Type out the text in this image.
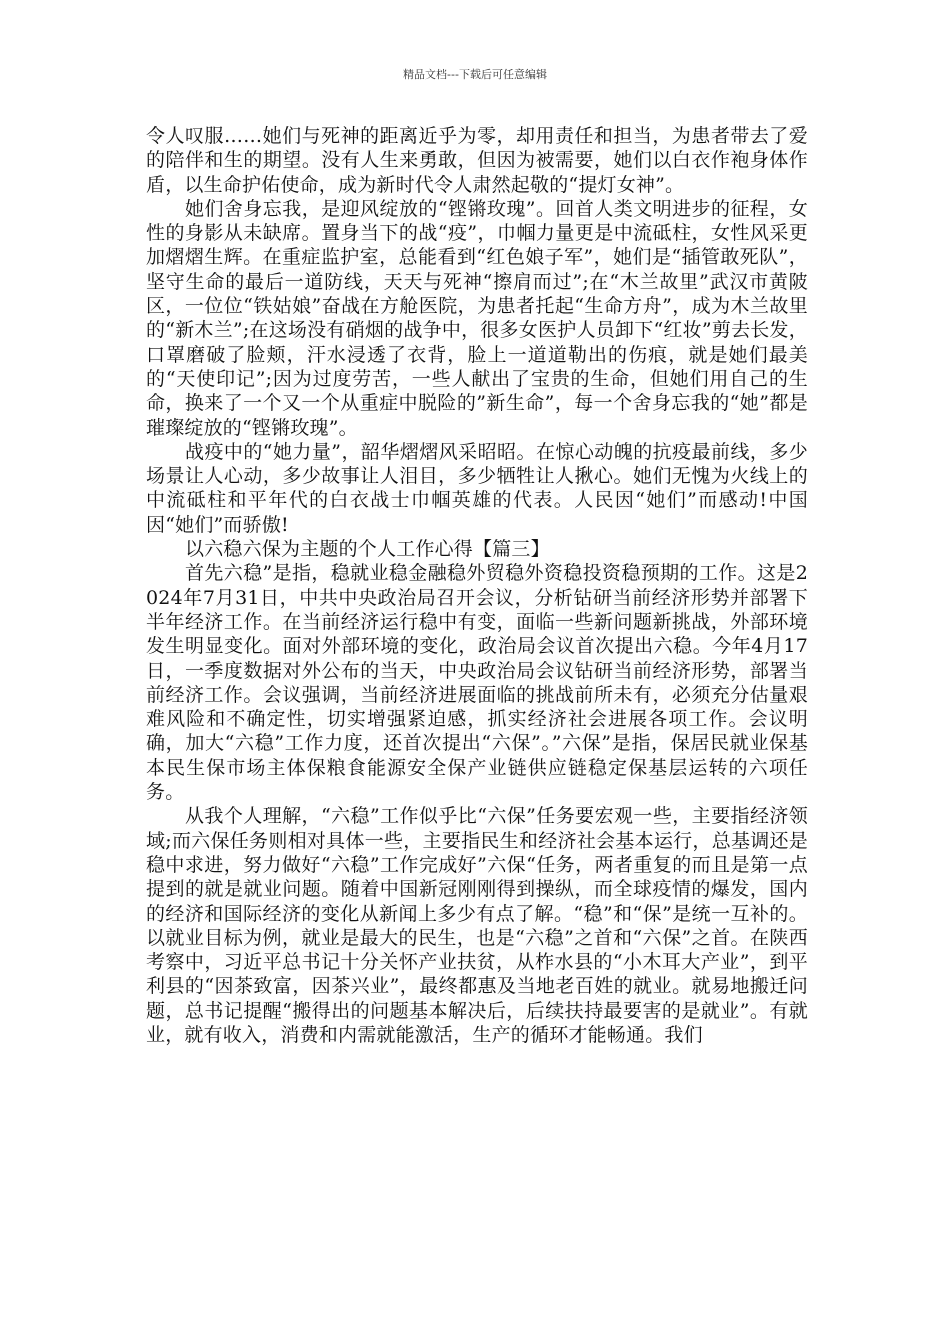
精品文档---下载后可任意编辑

令人叹服……她们与死神的距离近乎为零，却用责任和担当，为患者带去了爱的陪伴和生的期望。没有人生来勇敢，但因为被需要，她们以白衣作袍身体作盾，以生命护佑使命，成为新时代令人肃然起敬的“提灯女神”。

她们舍身忘我，是迎风绽放的“铿锵玫瑰”。回首人类文明进步的征程，女性的身影从未缺席。置身当下的战“疫”，巾帼力量更是中流砥柱，女性风采更加熠熠生辉。在重症监护室，总能看到“红色娘子军”，她们是“插管敢死队”，坚守生命的最后一道防线，天天与死神“擦肩而过”;在“木兰故里”武汉市黄陂区，一位位“铁姑娘”奋战在方舱医院，为患者托起“生命方舟”，成为木兰故里的“新木兰”;在这场没有硝烟的战争中，很多女医护人员卸下“红妆”剪去长发，口罩磨破了脸颊，汗水浸透了衣背，脸上一道道勒出的伤痕，就是她们最美的“天使印记”;因为过度劳苦，一些人献出了宝贵的生命，但她们用自己的生命，换来了一个又一个从重症中脱险的”新生命”，每一个舍身忘我的“她”都是璀璨绽放的“铿锵玫瑰”。

战疫中的“她力量”，韶华熠熠风采昭昭。在惊心动魄的抗疫最前线，多少场景让人心动，多少故事让人泪目，多少牺牲让人揪心。她们无愧为火线上的中流砥柱和平年代的白衣战士巾帼英雄的代表。人民因“她们”而感动!中国因“她们”而骄傲!

以六稳六保为主题的个人工作心得【篇三】

首先六稳”是指，稳就业稳金融稳外贸稳外资稳投资稳预期的工作。这是2024年7月31日，中共中央政治局召开会议，分析钻研当前经济形势并部署下半年经济工作。在当前经济运行稳中有变，面临一些新问题新挑战，外部环境发生明显变化。面对外部环境的变化，政治局会议首次提出六稳。今年4月17日，一季度数据对外公布的当天，中央政治局会议钻研当前经济形势，部署当前经济工作。会议强调，当前经济进展面临的挑战前所未有，必须充分估量艰难风险和不确定性，切实增强紧迫感，抓实经济社会进展各项工作。会议明确，加大“六稳”工作力度，还首次提出“六保”。”六保”是指，保居民就业保基本民生保市场主体保粮食能源安全保产业链供应链稳定保基层运转的六项任务。

从我个人理解，“六稳”工作似乎比“六保”任务要宏观一些，主要指经济领域;而六保任务则相对具体一些，主要指民生和经济社会基本运行，总基调还是稳中求进，努力做好“六稳”工作完成好”六保“任务，两者重复的而且是第一点提到的就是就业问题。随着中国新冠刚刚得到操纵，而全球疫情的爆发，国内的经济和国际经济的变化从新闻上多少有点了解。“稳”和“保”是统一互补的。以就业目标为例，就业是最大的民生，也是“六稳”之首和“六保”之首。在陕西考察中，习近平总书记十分关怀产业扶贫，从柞水县的“小木耳大产业”，到平利县的“因茶致富，因茶兴业”，最终都惠及当地老百姓的就业。就易地搬迁问题，总书记提醒“搬得出的问题基本解决后，后续扶持最要害的是就业”。有就业，就有收入，消费和内需就能激活，生产的循环才能畅通。我们
